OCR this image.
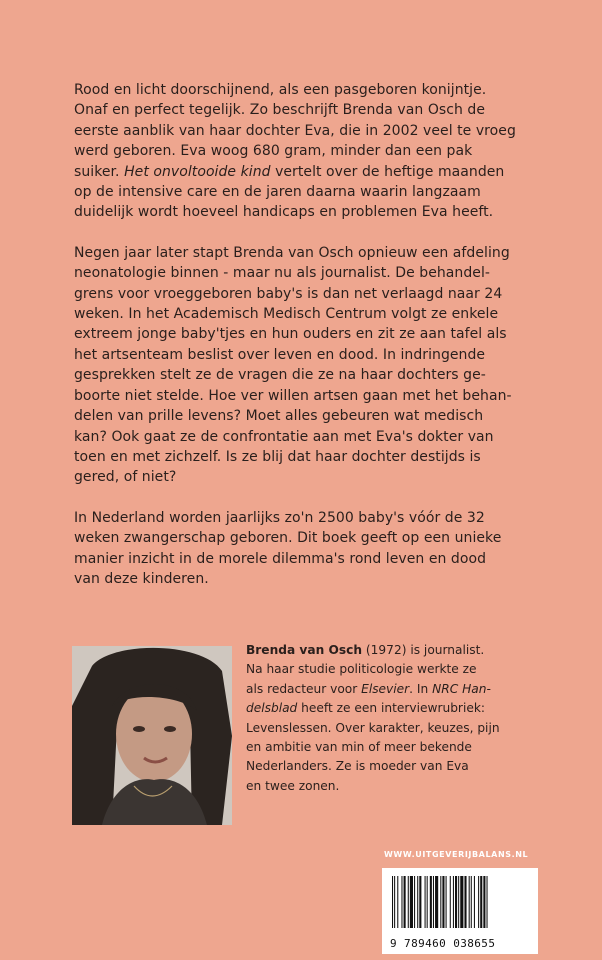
Rood en licht doorschijnend, als een pasgeboren konijntje.
Onaf en perfect tegelijk. Zo beschrijft Brenda van Osch de
eerste aanblik van haar dochter Eva, die in 2002 veel te vroeg
werd geboren. Eva woog 680 gram, minder dan een pak
suiker. Het onvoltooide kind vertelt over de heftige maanden
op de intensive care en de jaren daarna waarin langzaam
duidelijk wordt hoeveel handicaps en problemen Eva heeft.

Negen jaar later stapt Brenda van Osch opnieuw een afdeling
neonatologie binnen - maar nu als journalist. De behandel-
grens voor vroeggeboren baby's is dan net verlaagd naar 24
weken. In het Academisch Medisch Centrum volgt ze enkele
extreem jonge baby'tjes en hun ouders en zit ze aan tafel als
het artsenteam beslist over leven en dood. In indringende
gesprekken stelt ze de vragen die ze na haar dochters ge-
boorte niet stelde. Hoe ver willen artsen gaan met het behan-
delen van prille levens? Moet alles gebeuren wat medisch
kan? Ook gaat ze de confrontatie aan met Eva's dokter van
toen en met zichzelf. Is ze blij dat haar dochter destijds is
gered, of niet?

In Nederland worden jaarlijks zo'n 2500 baby's vóór de 32
weken zwangerschap geboren. Dit boek geeft op een unieke
manier inzicht in de morele dilemma's rond leven en dood
van deze kinderen.

Brenda van Osch (1972) is journalist.
Na haar studie politicologie werkte ze
als redacteur voor Elsevier. In NRC Han-
delsblad heeft ze een interviewrubriek:
Levenslessen. Over karakter, keuzes, pijn
en ambitie van min of meer bekende
Nederlanders. Ze is moeder van Eva
en twee zonen.
WWW.UITGEVERIJBALANS.NL
9 789460 038655
